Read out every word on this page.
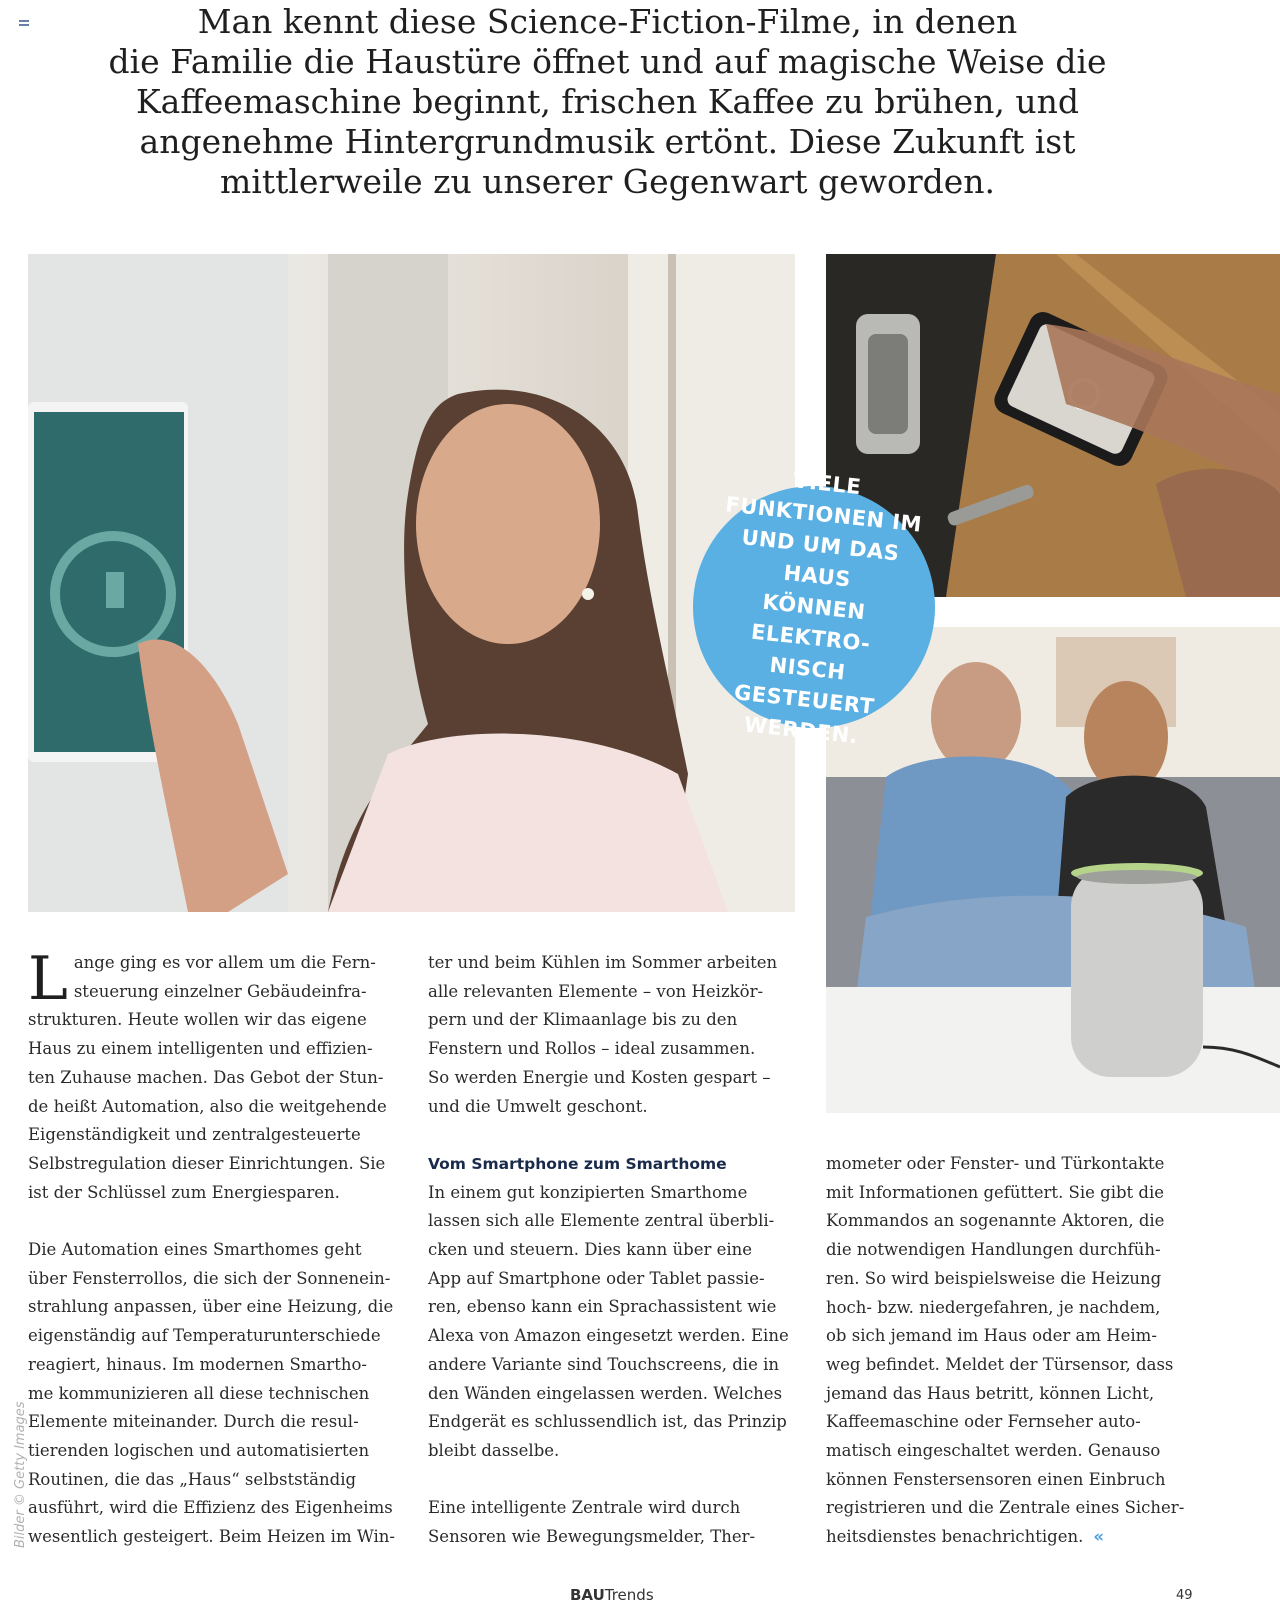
Man kennt diese Science-Fiction-Filme, in denen
die Familie die Haustüre öffnet und auf magische Weise die
Kaffeemaschine beginnt, frischen Kaffee zu brühen, und
angenehme Hintergrundmusik ertönt. Diese Zukunft ist
mittlerweile zu unserer Gegenwart geworden.
VIELE
FUNKTIONEN IM
UND UM DAS HAUS
KÖNNEN ELEKTRO-
NISCH GESTEUERT
WERDEN.

L ange ging es vor allem um die Fern-
steuerung einzelner Gebäudeinfra-
strukturen. Heute wollen wir das eigene
Haus zu einem intelligenten und effizien-
ten Zuhause machen. Das Gebot der Stun-
de heißt Automation, also die weitgehende
Eigenständigkeit und zentralgesteuerte
Selbstregulation dieser Einrichtungen. Sie
ist der Schlüssel zum Energiesparen.

Die Automation eines Smarthomes geht
über Fensterrollos, die sich der Sonnenein-
strahlung anpassen, über eine Heizung, die
eigenständig auf Temperaturunterschiede
reagiert, hinaus. Im modernen Smartho-
me kommunizieren all diese technischen
Elemente miteinander. Durch die resul-
tierenden logischen und automatisierten
Routinen, die das „Haus“ selbstständig
ausführt, wird die Effizienz des Eigenheims
wesentlich gesteigert. Beim Heizen im Win-

ter und beim Kühlen im Sommer arbeiten
alle relevanten Elemente – von Heizkör-
pern und der Klimaanlage bis zu den
Fenstern und Rollos – ideal zusammen.
So werden Energie und Kosten gespart –
und die Umwelt geschont.

Vom Smartphone zum Smarthome

In einem gut konzipierten Smarthome
lassen sich alle Elemente zentral überbli-
cken und steuern. Dies kann über eine
App auf Smartphone oder Tablet passie-
ren, ebenso kann ein Sprachassistent wie
Alexa von Amazon eingesetzt werden. Eine
andere Variante sind Touchscreens, die in
den Wänden eingelassen werden. Welches
Endgerät es schlussendlich ist, das Prinzip
bleibt dasselbe.

Eine intelligente Zentrale wird durch
Sensoren wie Bewegungsmelder, Ther-

mometer oder Fenster- und Türkontakte
mit Informationen gefüttert. Sie gibt die
Kommandos an sogenannte Aktoren, die
die notwendigen Handlungen durchfüh-
ren. So wird beispielsweise die Heizung
hoch- bzw. niedergefahren, je nachdem,
ob sich jemand im Haus oder am Heim-
weg befindet. Meldet der Türsensor, dass
jemand das Haus betritt, können Licht,
Kaffeemaschine oder Fernseher auto-
matisch eingeschaltet werden. Genauso
können Fenstersensoren einen Einbruch
registrieren und die Zentrale eines Sicher-
heitsdienstes benachrichtigen. «

Bilder © Getty Images
BAUTrends	49
